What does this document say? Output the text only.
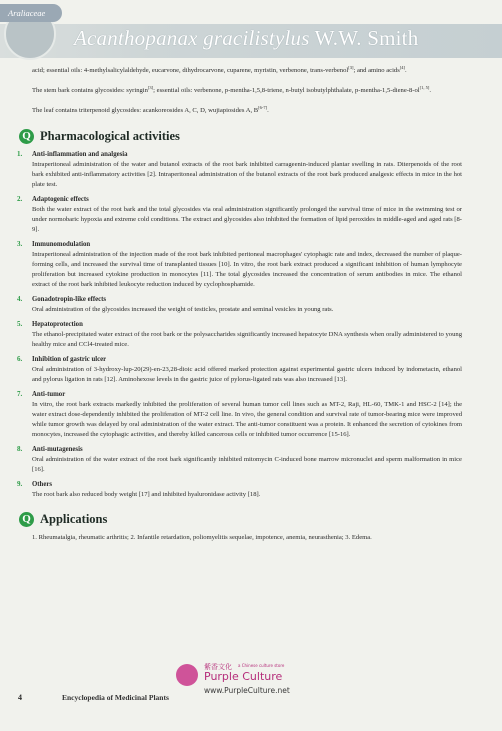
Araliaceae
Acanthopanax gracilistylus W.W. Smith

acid; essential oils: 4-methylsalicylaldehyde, eucarvone, dihydrocarvone, cuparene, myristin, verbenone, trans-verbenol[3]; and amino acids[4].

The stem bark contains glycosides: syringin[3]; essential oils: verbenone, p-mentha-1,5,8-triene, n-butyl isobutylphthalate, p-mentha-1,5-diene-8-ol[1, 5].

The leaf contains triterpenoid glycosides: acankoreosides A, C, D, wujiapiosides A, B[6-7].

Q Pharmacological activities
1. Anti-inflammation and analgesia

Intraperitoneal administration of the water and butanol extracts of the root bark inhibited carrageenin-induced plantar swelling in rats. Diterpenoids of the root bark exhibited anti-inflammatory activities [2]. Intraperitoneal administration of the butanol extracts of the root bark produced analgesic effects in mice in the hot plate test.

2. Adaptogenic effects

Both the water extract of the root bark and the total glycosides via oral administration significantly prolonged the survival time of mice in the swimming test or under normobaric hypoxia and extreme cold conditions. The extract and glycosides also inhibited the formation of lipid peroxides in middle-aged and aged rats [8-9].

3. Immunomodulation

Intraperitoneal administration of the injection made of the root bark inhibited peritoneal macrophages' cytophagic rate and index, decreased the number of plaque-forming cells, and increased the survival time of transplanted tissues [10]. In vitro, the root bark extract produced a significant inhibition of human lymphocyte proliferation but increased cytokine production in monocytes [11]. The total glycosides increased the concentration of serum antibodies in mice. The ethanol extract of the root bark inhibited leukocyte reduction induced by cyclophosphamide.

4. Gonadotropin-like effects

Oral administration of the glycosides increased the weight of testicles, prostate and seminal vesicles in young rats.

5. Hepatoprotection

The ethanol-precipitated water extract of the root bark or the polysaccharides significantly increased hepatocyte DNA synthesis when orally administered to young healthy mice and CCl4-treated mice.

6. Inhibition of gastric ulcer

Oral administration of 3-hydroxy-lup-20(29)-en-23,28-dioic acid offered marked protection against experimental gastric ulcers induced by indometacin, ethanol and pylorus ligation in rats [12]. Aminohexose levels in the gastric juice of pylorus-ligated rats was also increased [13].

7. Anti-tumor

In vitro, the root bark extracts markedly inhibited the proliferation of several human tumor cell lines such as MT-2, Raji, HL-60, TMK-1 and HSC-2 [14]; the water extract dose-dependently inhibited the proliferation of MT-2 cell line. In vivo, the general condition and survival rate of tumor-bearing mice were improved while tumor growth was delayed by oral administration of the water extract. The anti-tumor constituent was a protein. It enhanced the secretion of cytokines from monocytes, increased the cytophagic activities, and thereby killed cancerous cells or inhibited tumor occurrence [15-16].

8. Anti-mutagenesis

Oral administration of the water extract of the root bark significantly inhibited mitomycin C-induced bone marrow micronuclei and sperm malformation in mice [16].

9. Others

The root bark also reduced body weight [17] and inhibited hyaluronidase activity [18].

Q Applications

1. Rheumatalgia, rheumatic arthritis; 2. Infantile retardation, poliomyelitis sequelae, impotence, anemia, neurasthenia; 3. Edema.

紫香文化 a Chinese culture store
Purple Culture
www.PurpleCulture.net
4	Encyclopedia of Medicinal Plants
